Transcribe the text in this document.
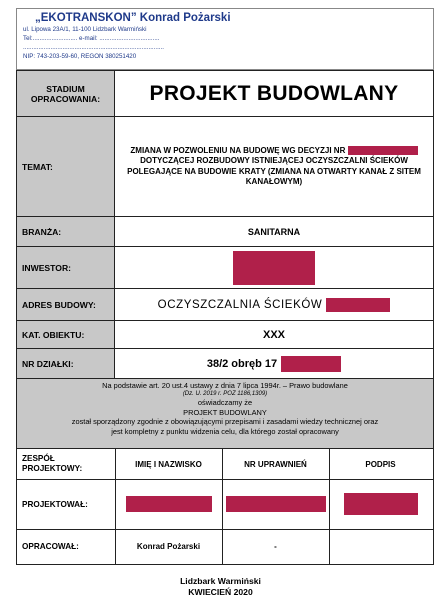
„EKOTRANSKON” Konrad Pożarski
ul. Lipowa 23A/1, 11-100 Lidzbark Warmiński
Tel:.......................... e-mail: ...................................
..................................................................................
NIP: 743-203-59-60, REGON 380251420
STADIUM OPRACOWANIA:	PROJEKT BUDOWLANY
TEMAT:
ZMIANA W POZWOLENIU NA BUDOWĘ WG DECYZJI NR  DOTYCZĄCEJ ROZBUDOWY ISTNIEJĄCEJ OCZYSZCZALNI ŚCIEKÓW POLEGAJĄCE NA BUDOWIE KRATY (ZMIANA NA OTWARTY KANAŁ Z SITEM KANAŁOWYM)
BRANŻA:	SANITARNA
INWESTOR:
ADRES BUDOWY:	OCZYSZCZALNIA ŚCIEKÓW
KAT. OBIEKTU:	XXX
NR DZIAŁKI:	38/2 obręb 17
Na podstawie art. 20 ust.4 ustawy z dnia 7 lipca 1994r. – Prawo budowlane
(Dz. U. 2019 r. POZ 1186,1309)
oświadczamy że
PROJEKT BUDOWLANY
został sporządzony zgodnie z obowiązującymi przepisami i zasadami wiedzy technicznej oraz
jest kompletny z punktu widzenia celu, dla którego został opracowany
ZESPÓŁ PROJEKTOWY:	IMIĘ I NAZWISKO	NR UPRAWNIEŃ	PODPIS
PROJEKTOWAŁ:
OPRACOWAŁ:	Konrad Pożarski	-
Lidzbark Warmiński
KWIECIEŃ 2020
